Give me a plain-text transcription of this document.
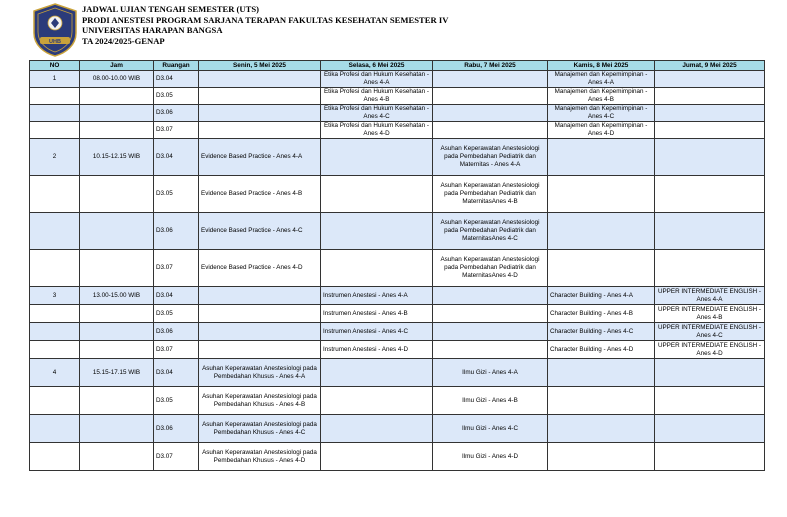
UHB
JADWAL UJIAN TENGAH SEMESTER (UTS)
PRODI ANESTESI PROGRAM SARJANA TERAPAN FAKULTAS KESEHATAN SEMESTER IV
UNIVERSITAS HARAPAN BANGSA
TA 2024/2025-GENAP
NO	Jam	Ruangan	Senin, 5 Mei 2025	Selasa, 6 Mei 2025	Rabu, 7 Mei 2025	Kamis, 8 Mei 2025	Jumat, 9 Mei 2025
1	08.00-10.00 WIB	D3.04		Etika Profesi dan Hukum Kesehatan - Anes 4-A		Manajemen dan Kepemimpinan - Anes 4-A	
		D3.05		Etika Profesi dan Hukum Kesehatan - Anes 4-B		Manajemen dan Kepemimpinan - Anes 4-B	
		D3.06		Etika Profesi dan Hukum Kesehatan - Anes 4-C		Manajemen dan Kepemimpinan - Anes 4-C	
		D3.07		Etika Profesi dan Hukum Kesehatan - Anes 4-D		Manajemen dan Kepemimpinan - Anes 4-D	
2	10.15-12.15 WIB	D3.04	Evidence Based Practice - Anes 4-A		Asuhan Keperawatan Anestesiologi pada Pembedahan Pediatrik dan Maternitas - Anes 4-A		
		D3.05	Evidence Based Practice - Anes 4-B		Asuhan Keperawatan Anestesiologi pada Pembedahan Pediatrik dan MaternitasAnes 4-B		
		D3.06	Evidence Based Practice - Anes 4-C		Asuhan Keperawatan Anestesiologi pada Pembedahan Pediatrik dan MaternitasAnes 4-C		
		D3.07	Evidence Based Practice - Anes 4-D		Asuhan Keperawatan Anestesiologi pada Pembedahan Pediatrik dan MaternitasAnes 4-D		
3	13.00-15.00 WIB	D3.04		Instrumen Anestesi - Anes 4-A		Character Building - Anes 4-A	UPPER INTERMEDIATE ENGLISH - Anes 4-A
		D3.05		Instrumen Anestesi - Anes 4-B		Character Building - Anes 4-B	UPPER INTERMEDIATE ENGLISH - Anes 4-B
		D3.06		Instrumen Anestesi - Anes 4-C		Character Building - Anes 4-C	UPPER INTERMEDIATE ENGLISH - Anes 4-C
		D3.07		Instrumen Anestesi - Anes 4-D		Character Building - Anes 4-D	UPPER INTERMEDIATE ENGLISH - Anes 4-D
4	15.15-17.15 WIB	D3.04	Asuhan Keperawatan Anestesiologi pada Pembedahan Khusus - Anes 4-A		Ilmu Gizi - Anes 4-A		
		D3.05	Asuhan Keperawatan Anestesiologi pada Pembedahan Khusus - Anes 4-B		Ilmu Gizi - Anes 4-B		
		D3.06	Asuhan Keperawatan Anestesiologi pada Pembedahan Khusus - Anes 4-C		Ilmu Gizi - Anes 4-C		
		D3.07	Asuhan Keperawatan Anestesiologi pada Pembedahan Khusus - Anes 4-D		Ilmu Gizi - Anes 4-D		
